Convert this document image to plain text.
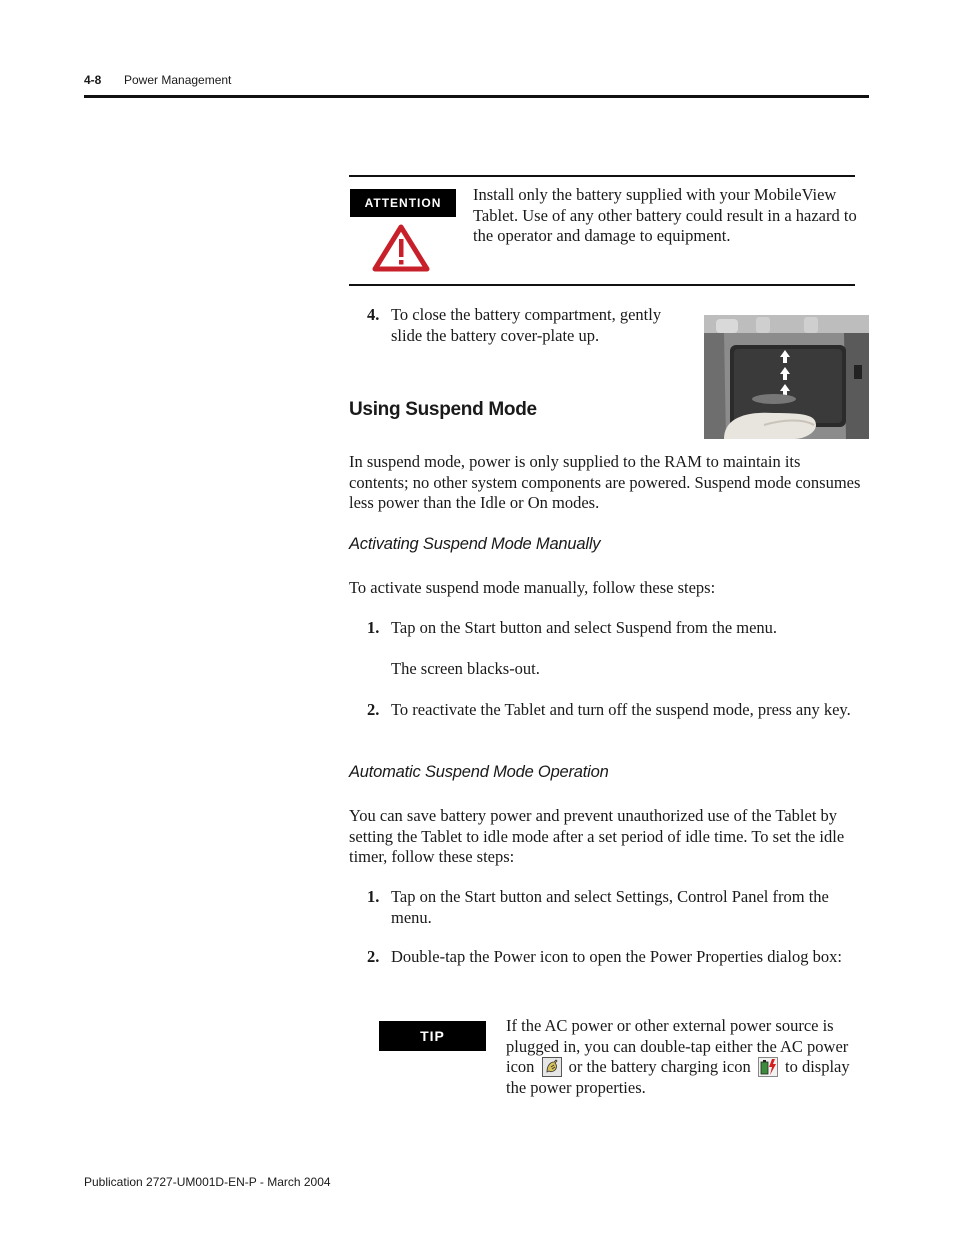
4-8 Power Management
ATTENTION	Install only the battery supplied with your MobileView Tablet. Use of any other battery could result in a hazard to the operator and damage to equipment.
4. To close the battery compartment, gently slide the battery cover-plate up.
Using Suspend Mode
In suspend mode, power is only supplied to the RAM to maintain its contents; no other system components are powered. Suspend mode consumes less power than the Idle or On modes.
Activating Suspend Mode Manually
To activate suspend mode manually, follow these steps:
1. Tap on the Start button and select Suspend from the menu.
The screen blacks-out.
2. To reactivate the Tablet and turn off the suspend mode, press any key.
Automatic Suspend Mode Operation
You can save battery power and prevent unauthorized use of the Tablet by setting the Tablet to idle mode after a set period of idle time. To set the idle timer, follow these steps:
1. Tap on the Start button and select Settings, Control Panel from the menu.
2. Double-tap the Power icon to open the Power Properties dialog box:
TIP
If the AC power or other external power source is plugged in, you can double-tap either the AC power icon or the battery charging icon to display the power properties.
Publication 2727-UM001D-EN-P - March 2004
